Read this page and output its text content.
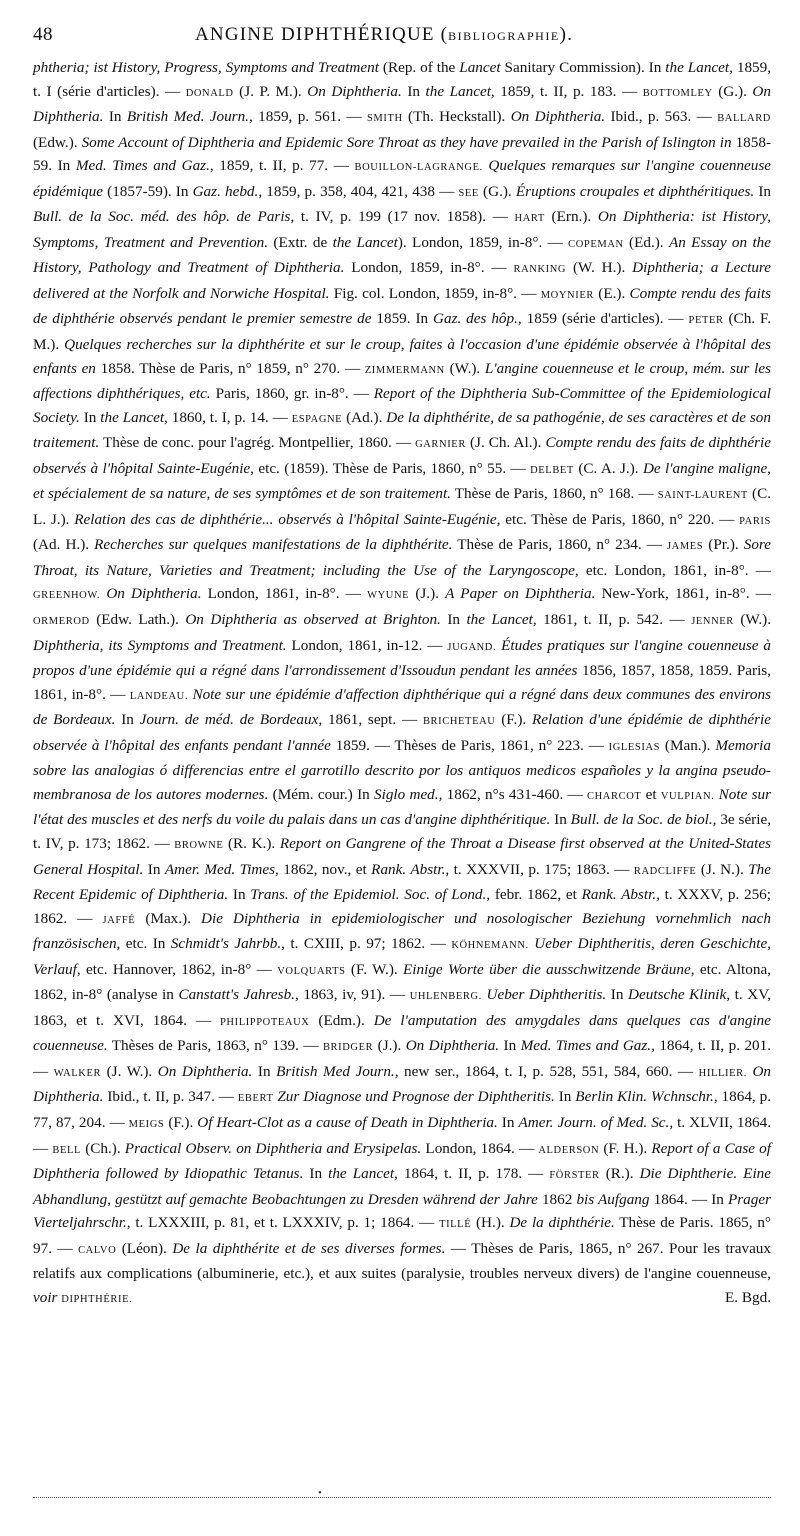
48	ANGINE DIPHTHÉRIQUE (BIBLIOGRAPHIE).

phtheria; ist History, Progress, Symptoms and Treatment (Rep. of the Lancet Sanitary Commission). In the Lancet, 1859, t. I (série d'articles). — DONALD (J. P. M.). On Diphtheria. In the Lancet, 1859, t. II, p. 183. — BOTTOMLEY (G.). On Diphtheria. In British Med. Journ., 1859, p. 561. — SMITH (Th. Heckstall). On Diphtheria. Ibid., p. 563. — BALLARD (Edw.). Some Account of Diphtheria and Epidemic Sore Throat as they have prevailed in the Parish of Islington in 1858-59. In Med. Times and Gaz., 1859, t. II, p. 77. — BOUILLON-LAGRANGE. Quelques remarques sur l'angine couenneuse épidémique (1857-59). In Gaz. hebd., 1859, p. 358, 404, 421, 438 — SEE (G.). Éruptions croupales et diphthéritiques. In Bull. de la Soc. méd. des hôp. de Paris, t. IV, p. 199 (17 nov. 1858). — HART (Ern.). On Diphtheria: ist History, Symptoms, Treatment and Prevention. (Extr. de the Lancet). London, 1859, in-8°. — COPEMAN (Ed.). An Essay on the History, Pathology and Treatment of Diphtheria. London, 1859, in-8°. — RANKING (W. H.). Diphtheria; a Lecture delivered at the Norfolk and Norwiche Hospital. Fig. col. London, 1859, in-8°. — MOYNIER (E.). Compte rendu des faits de diphthérie observés pendant le premier semestre de 1859. In Gaz. des hôp., 1859 (série d'articles). — PETER (Ch. F. M.). Quelques recherches sur la diphthérite et sur le croup, faites à l'occasion d'une épidémie observée à l'hôpital des enfants en 1858. Thèse de Paris, n° 1859, n° 270. — ZIMMERMANN (W.). L'angine couenneuse et le croup, mém. sur les affections diphthériques, etc. Paris, 1860, gr. in-8°. — Report of the Diphtheria Sub-Committee of the Epidemiological Society. In the Lancet, 1860, t. I, p. 14. — ESPAGNE (Ad.). De la diphthérite, de sa pathogénie, de ses caractères et de son traitement. Thèse de conc. pour l'agrég. Montpellier, 1860. — GARNIER (J. Ch. Al.). Compte rendu des faits de diphthérie observés à l'hôpital Sainte-Eugénie, etc. (1859). Thèse de Paris, 1860, n° 55. — DELBET (C. A. J.). De l'angine maligne, et spécialement de sa nature, de ses symptômes et de son traitement. Thèse de Paris, 1860, n° 168. — SAINT-LAURENT (C. L. J.). Relation des cas de diphthérie... observés à l'hôpital Sainte-Eugénie, etc. Thèse de Paris, 1860, n° 220. — PARIS (Ad. H.). Recherches sur quelques manifestations de la diphthérite. Thèse de Paris, 1860, n° 234. — JAMES (Pr.). Sore Throat, its Nature, Varieties and Treatment; including the Use of the Laryngoscope, etc. London, 1861, in-8°. — GREENHOW. On Diphtheria. London, 1861, in-8°. — WYUNE (J.). A Paper on Diphtheria. New-York, 1861, in-8°. — ORMEROD (Edw. Lath.). On Diphtheria as observed at Brighton. In the Lancet, 1861, t. II, p. 542. — JENNER (W.). Diphtheria, its Symptoms and Treatment. London, 1861, in-12. — JUGAND. Études pratiques sur l'angine couenneuse à propos d'une épidémie qui a régné dans l'arrondissement d'Issoudun pendant les années 1856, 1857, 1858, 1859. Paris, 1861, in-8°. — LANDEAU. Note sur une épidémie d'affection diphthérique qui a régné dans deux communes des environs de Bordeaux. In Journ. de méd. de Bordeaux, 1861, sept. — BRICHETEAU (F.). Relation d'une épidémie de diphthérie observée à l'hôpital des enfants pendant l'année 1859. — Thèses de Paris, 1861, n° 223. — IGLESIAS (Man.). Memoria sobre las analogias ó differencias entre el garrotillo descrito por los antiquos medicos españoles y la angina pseudo-membranosa de los autores modernes. (Mém. cour.) In Siglo med., 1862, n°s 431-460. — CHARCOT et VULPIAN. Note sur l'état des muscles et des nerfs du voile du palais dans un cas d'angine diphthéritique. In Bull. de la Soc. de biol., 3e série, t. IV, p. 173; 1862. — BROWNE (R. K.). Report on Gangrene of the Throat a Disease first observed at the United-States General Hospital. In Amer. Med. Times, 1862, nov., et Rank. Abstr., t. XXXVII, p. 175; 1863. — RADCLIFFE (J. N.). The Recent Epidemic of Diphtheria. In Trans. of the Epidemiol. Soc. of Lond., febr. 1862, et Rank. Abstr., t. XXXV, p. 256; 1862. — JAFFÉ (Max.). Die Diphtheria in epidemiologischer und nosologischer Beziehung vornehmlich nach französischen, etc. In Schmidt's Jahrbb., t. CXIII, p. 97; 1862. — KÖHNEMANN. Ueber Diphtheritis, deren Geschichte, Verlauf, etc. Hannover, 1862, in-8° — VOLQUARTS (F. W.). Einige Worte über die ausschwitzende Bräune, etc. Altona, 1862, in-8° (analyse in Canstatt's Jahresb., 1863, iv, 91). — UHLENBERG. Ueber Diphtheritis. In Deutsche Klinik, t. XV, 1863, et t. XVI, 1864. — PHILIPPOTEAUX (Edm.). De l'amputation des amygdales dans quelques cas d'angine couenneuse. Thèses de Paris, 1863, n° 139. — BRIDGER (J.). On Diphtheria. In Med. Times and Gaz., 1864, t. II, p. 201. — WALKER (J. W.). On Diphtheria. In British Med Journ., new ser., 1864, t. I, p. 528, 551, 584, 660. — HILLIER. On Diphtheria. Ibid., t. II, p. 347. — EBERT Zur Diagnose und Prognose der Diphtheritis. In Berlin Klin. Wchnschr., 1864, p. 77, 87, 204. — MEIGS (F.). Of Heart-Clot as a cause of Death in Diphtheria. In Amer. Journ. of Med. Sc., t. XLVII, 1864. — BELL (Ch.). Practical Observ. on Diphtheria and Erysipelas. London, 1864. — ALDERSON (F. H.). Report of a Case of Diphtheria followed by Idiopathic Tetanus. In the Lancet, 1864, t. II, p. 178. — FÖRSTER (R.). Die Diphtherie. Eine Abhandlung, gestützt auf gemachte Beobachtungen zu Dresden während der Jahre 1862 bis Aufgang 1864. — In Prager Vierteljahrschr., t. LXXXIII, p. 81, et t. LXXXIV, p. 1; 1864. — TILLÉ (H.). De la diphthérie. Thèse de Paris. 1865, n° 97. — CALVO (Léon). De la diphthérite et de ses diverses formes. — Thèses de Paris, 1865, n° 267. Pour les travaux relatifs aux complications (albuminerie, etc.), et aux suites (paralysie, troubles nerveux divers) de l'angine couenneuse, voir DIPHTHÉRIE.	E. Bgd.

•
